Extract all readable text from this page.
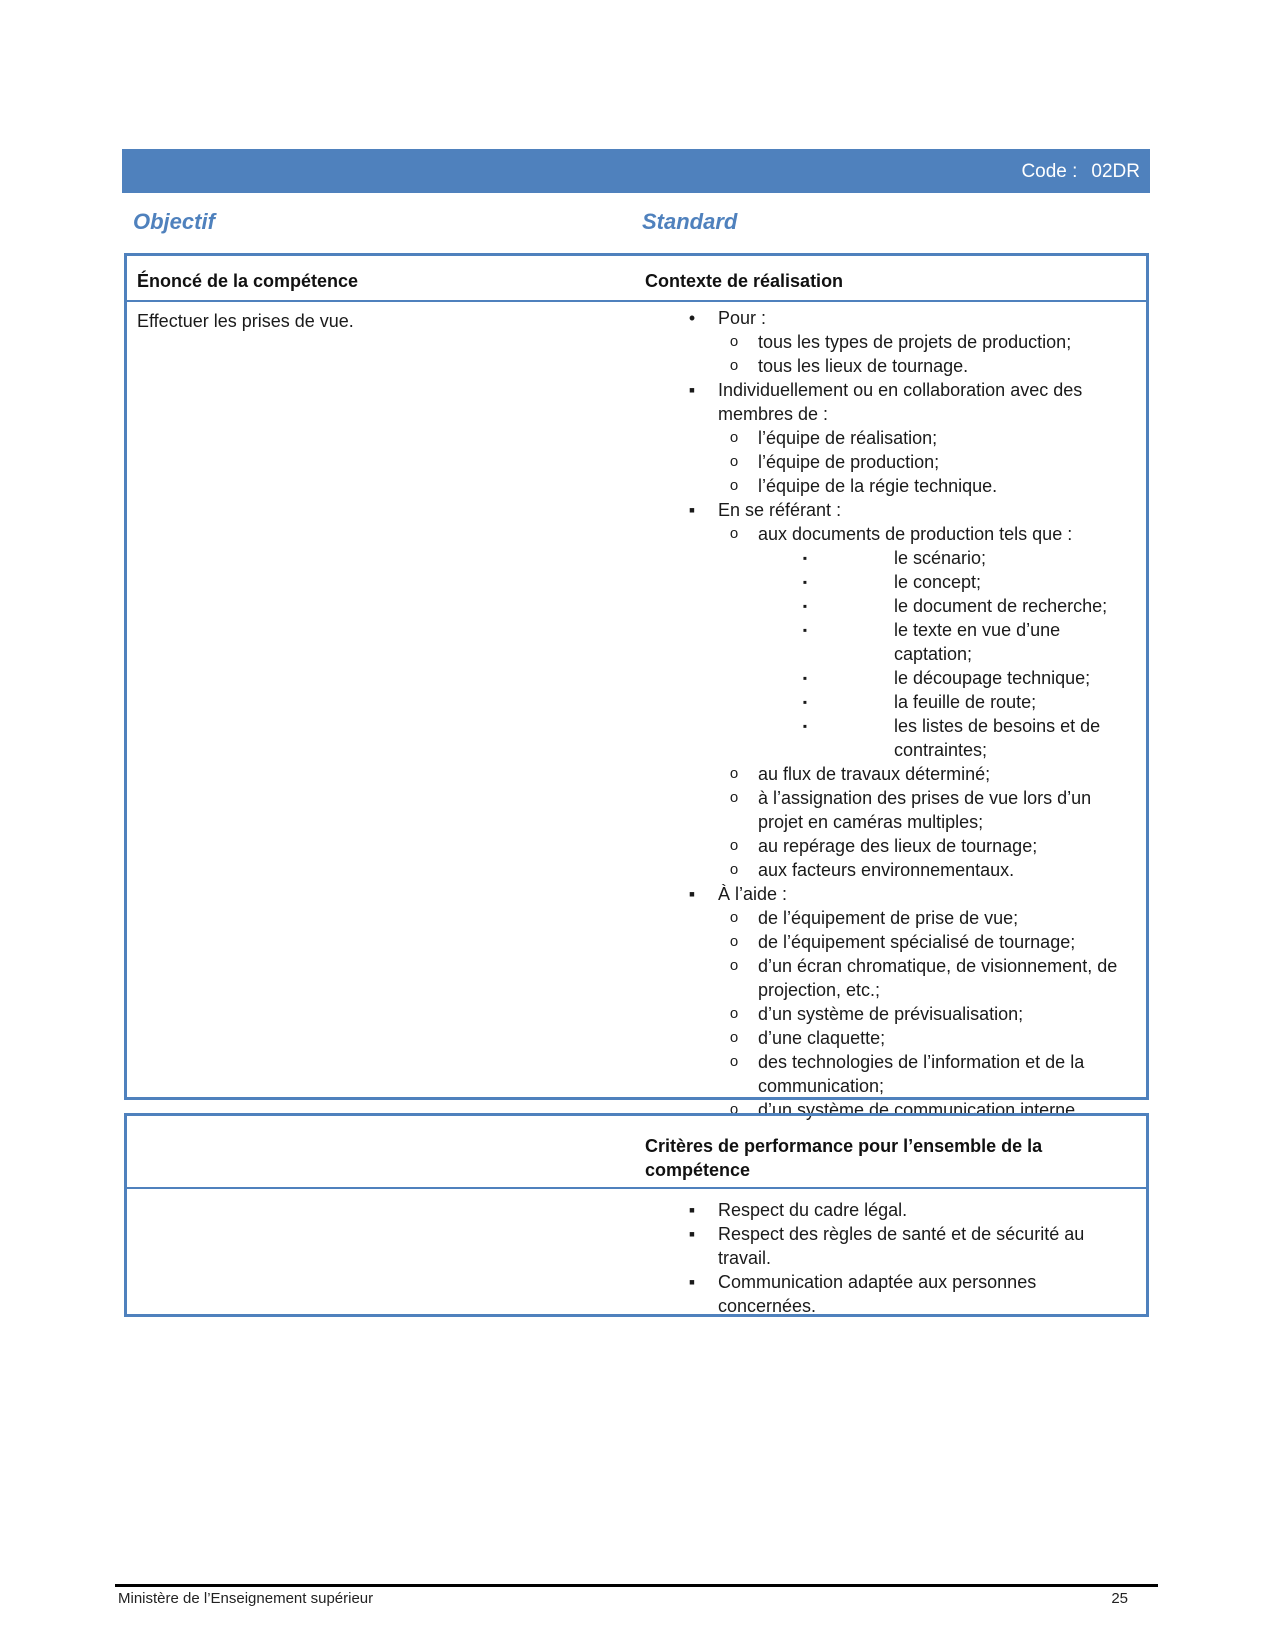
Code : 02DR
Objectif	Standard
Énoncé de la compétence	Contexte de réalisation
Effectuer les prises de vue.	•	Pour :
o tous les types de projets de production;
o tous les lieux de tournage.
▪	Individuellement ou en collaboration avec des membres de :
o l’équipe de réalisation;
o l’équipe de production;
o l’équipe de la régie technique.
▪	En se référant :
o aux documents de production tels que :
▪	le scénario;
▪	le concept;
▪	le document de recherche;
▪	le texte en vue d’une captation;
▪	le découpage technique;
▪	la feuille de route;
▪	les listes de besoins et de contraintes;
o au flux de travaux déterminé;
o à l’assignation des prises de vue lors d’un projet en caméras multiples;
o au repérage des lieux de tournage;
o aux facteurs environnementaux.
▪	À l’aide :
o de l’équipement de prise de vue;
o de l’équipement spécialisé de tournage;
o d’un écran chromatique, de visionnement, de projection, etc.;
o d’un système de prévisualisation;
o d’une claquette;
o des technologies de l’information et de la communication;
o d’un système de communication interne.
Critères de performance pour l’ensemble de la compétence
▪	Respect du cadre légal.
▪	Respect des règles de santé et de sécurité au travail.
▪	Communication adaptée aux personnes concernées.
Ministère de l’Enseignement supérieur	25
